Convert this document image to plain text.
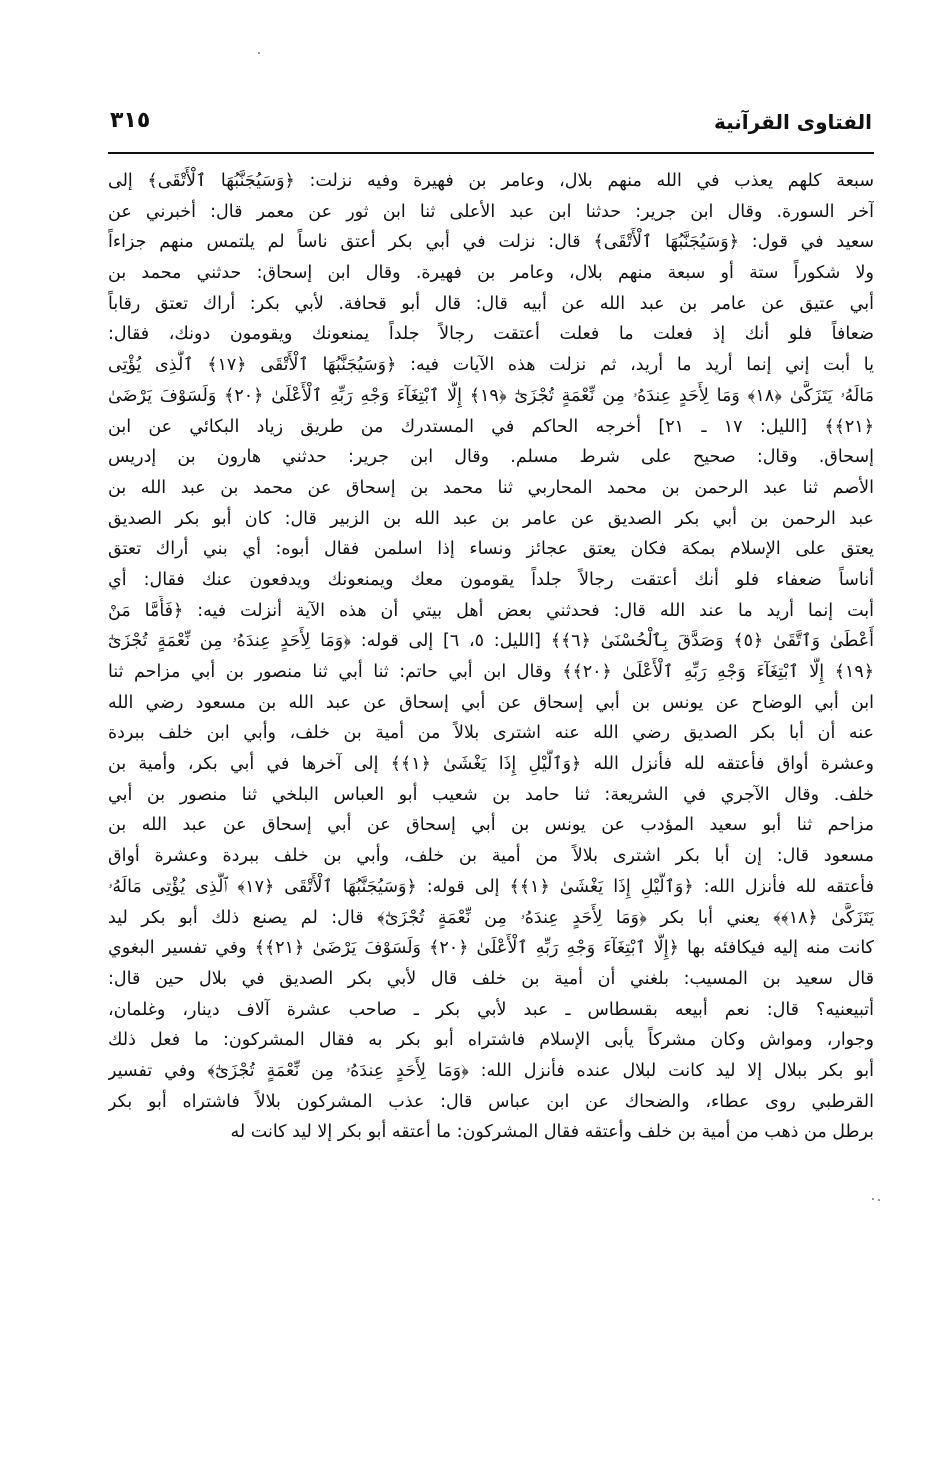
الفتاوى القرآنية
٣١٥
سبعة كلهم يعذب في الله منهم بلال، وعامر بن فهيرة وفيه نزلت: ﴿وَسَيُجَنَّبُهَا ٱلْأَتْقَى﴾ إلى
آخر السورة. وقال ابن جرير: حدثنا ابن عبد الأعلى ثنا ابن ثور عن معمر قال: أخبرني عن
سعيد في قول: ﴿وَسَيُجَنَّبُهَا ٱلْأَتْقَى﴾ قال: نزلت في أبي بكر أعتق ناساً لم يلتمس منهم جزاءاً
ولا شكوراً ستة أو سبعة منهم بلال، وعامر بن فهيرة. وقال ابن إسحاق: حدثني محمد بن
أبي عتيق عن عامر بن عبد الله عن أبيه قال: قال أبو قحافة. لأبي بكر: أراك تعتق رقاباً
ضعافاً فلو أنك إذ فعلت ما فعلت أعتقت رجالاً جلداً يمنعونك ويقومون دونك، فقال:
يا أبت إني إنما أريد ما أريد، ثم نزلت هذه الآيات فيه: ﴿وَسَيُجَنَّبُهَا ٱلْأَتْقَى ﴿١٧﴾ ٱلَّذِى يُؤْتِى
مَالَهُۥ يَتَزَكَّىٰ ﴿١٨﴾ وَمَا لِأَحَدٍ عِندَهُۥ مِن نِّعْمَةٍ تُجْزَىٰٓ ﴿١٩﴾ إِلَّا ٱبْتِغَآءَ وَجْهِ رَبِّهِ ٱلْأَعْلَىٰ ﴿٢٠﴾ وَلَسَوْفَ يَرْضَىٰ
﴿٢١﴾﴾ [الليل: ١٧ ـ ٢١] أخرجه الحاكم في المستدرك من طريق زياد البكائي عن ابن
إسحاق. وقال: صحيح على شرط مسلم. وقال ابن جرير: حدثني هارون بن إدريس
الأصم ثنا عبد الرحمن بن محمد المحاربي ثنا محمد بن إسحاق عن محمد بن عبد الله بن
عبد الرحمن بن أبي بكر الصديق عن عامر بن عبد الله بن الزبير قال: كان أبو بكر الصديق
يعتق على الإسلام بمكة فكان يعتق عجائز ونساء إذا اسلمن فقال أبوه: أي بني أراك تعتق
أناساً ضعفاء فلو أنك أعتقت رجالاً جلداً يقومون معك ويمنعونك ويدفعون عنك فقال: أي
أبت إنما أريد ما عند الله قال: فحدثني بعض أهل بيتي أن هذه الآية أنزلت فيه: ﴿فَأَمَّا مَنْ
أَعْطَىٰ وَٱتَّقَىٰ ﴿٥﴾ وَصَدَّقَ بِٱلْحُسْنَىٰ ﴿٦﴾﴾ [الليل: ٥، ٦] إلى قوله: ﴿وَمَا لِأَحَدٍ عِندَهُۥ مِن نِّعْمَةٍ تُجْزَىٰٓ
﴿١٩﴾ إِلَّا ٱبْتِغَآءَ وَجْهِ رَبِّهِ ٱلْأَعْلَىٰ ﴿٢٠﴾﴾ وقال ابن أبي حاتم: ثنا أبي ثنا منصور بن أبي مزاحم ثنا
ابن أبي الوضاح عن يونس بن أبي إسحاق عن أبي إسحاق عن عبد الله بن مسعود رضي الله
عنه أن أبا بكر الصديق رضي الله عنه اشترى بلالاً من أمية بن خلف، وأبي ابن خلف ببردة
وعشرة أواق فأعتقه لله فأنزل الله ﴿وَٱلَّيْلِ إِذَا يَغْشَىٰ ﴿١﴾﴾ إلى آخرها في أبي بكر، وأمية بن
خلف. وقال الآجري في الشريعة: ثنا حامد بن شعيب أبو العباس البلخي ثنا منصور بن أبي
مزاحم ثنا أبو سعيد المؤدب عن يونس بن أبي إسحاق عن أبي إسحاق عن عبد الله بن
مسعود قال: إن أبا بكر اشترى بلالاً من أمية بن خلف، وأبي بن خلف ببردة وعشرة أواق
فأعتقه لله فأنزل الله: ﴿وَٱلَّيْلِ إِذَا يَغْشَىٰ ﴿١﴾﴾ إلى قوله: ﴿وَسَيُجَنَّبُهَا ٱلْأَتْقَى ﴿١٧﴾ ٱلَّذِى يُؤْتِى مَالَهُۥ
يَتَزَكَّىٰ ﴿١٨﴾﴾ يعني أبا بكر ﴿وَمَا لِأَحَدٍ عِندَهُۥ مِن نِّعْمَةٍ تُجْزَىٰٓ﴾ قال: لم يصنع ذلك أبو بكر ليد
كانت منه إليه فيكافئه بها ﴿إِلَّا ٱبْتِغَآءَ وَجْهِ رَبِّهِ ٱلْأَعْلَىٰ ﴿٢٠﴾ وَلَسَوْفَ يَرْضَىٰ ﴿٢١﴾﴾ وفي تفسير البغوي
قال سعيد بن المسيب: بلغني أن أمية بن خلف قال لأبي بكر الصديق في بلال حين قال:
أتبيعنيه؟ قال: نعم أبيعه بقسطاس ـ عبد لأبي بكر ـ صاحب عشرة آلاف دينار، وغلمان،
وجوار، ومواش وكان مشركاً يأبى الإسلام فاشتراه أبو بكر به فقال المشركون: ما فعل ذلك
أبو بكر ببلال إلا ليد كانت لبلال عنده فأنزل الله: ﴿وَمَا لِأَحَدٍ عِندَهُۥ مِن نِّعْمَةٍ تُجْزَىٰٓ﴾ وفي تفسير
القرطبي روى عطاء، والضحاك عن ابن عباس قال: عذب المشركون بلالاً فاشتراه أبو بكر
برطل من ذهب من أمية بن خلف وأعتقه فقال المشركون: ما أعتقه أبو بكر إلا ليد كانت له
